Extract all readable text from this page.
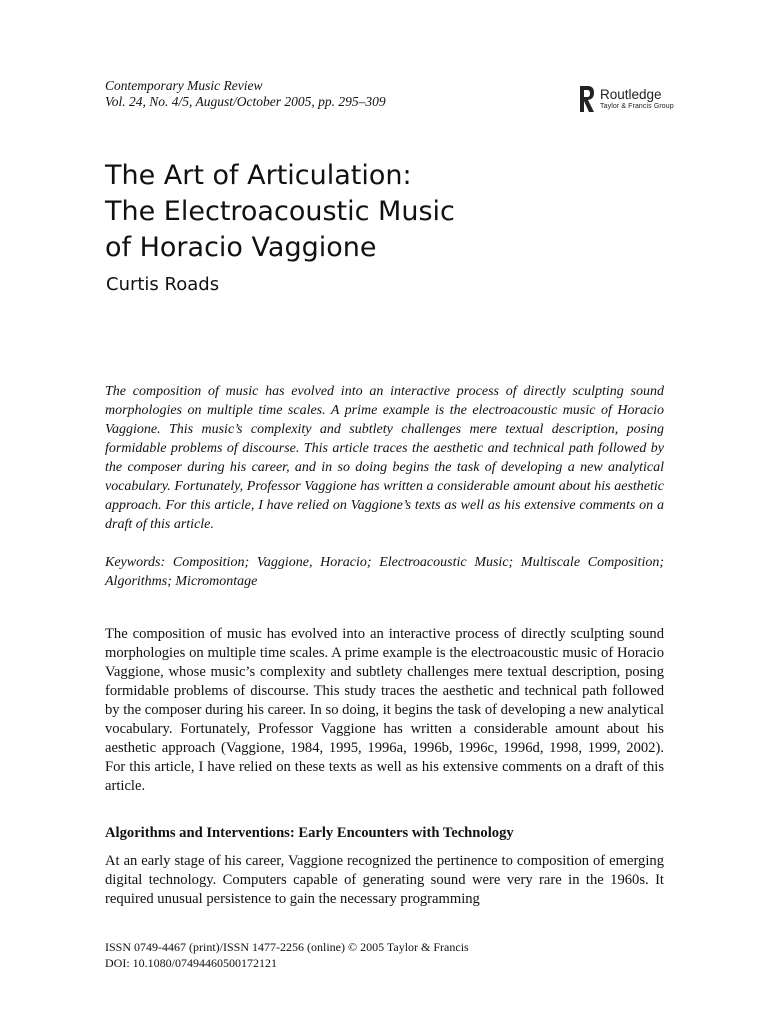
Contemporary Music Review
Vol. 24, No. 4/5, August/October 2005, pp. 295–309	Routledge
Taylor & Francis Group
The Art of Articulation:
The Electroacoustic Music
of Horacio Vaggione
Curtis Roads

The composition of music has evolved into an interactive process of directly sculpting sound morphologies on multiple time scales. A prime example is the electroacoustic music of Horacio Vaggione. This music’s complexity and subtlety challenges mere textual description, posing formidable problems of discourse. This article traces the aesthetic and technical path followed by the composer during his career, and in so doing begins the task of developing a new analytical vocabulary. Fortunately, Professor Vaggione has written a considerable amount about his aesthetic approach. For this article, I have relied on Vaggione’s texts as well as his extensive comments on a draft of this article.

Keywords: Composition; Vaggione, Horacio; Electroacoustic Music; Multiscale Composition; Algorithms; Micromontage

The composition of music has evolved into an interactive process of directly sculpting sound morphologies on multiple time scales. A prime example is the electroacoustic music of Horacio Vaggione, whose music’s complexity and subtlety challenges mere textual description, posing formidable problems of discourse. This study traces the aesthetic and technical path followed by the composer during his career. In so doing, it begins the task of developing a new analytical vocabulary. Fortunately, Professor Vaggione has written a considerable amount about his aesthetic approach (Vaggione, 1984, 1995, 1996a, 1996b, 1996c, 1996d, 1998, 1999, 2002). For this article, I have relied on these texts as well as his extensive comments on a draft of this article.

Algorithms and Interventions: Early Encounters with Technology

At an early stage of his career, Vaggione recognized the pertinence to composition of emerging digital technology. Computers capable of generating sound were very rare in the 1960s. It required unusual persistence to gain the necessary programming

ISSN 0749-4467 (print)/ISSN 1477-2256 (online) © 2005 Taylor & Francis
DOI: 10.1080/07494460500172121
